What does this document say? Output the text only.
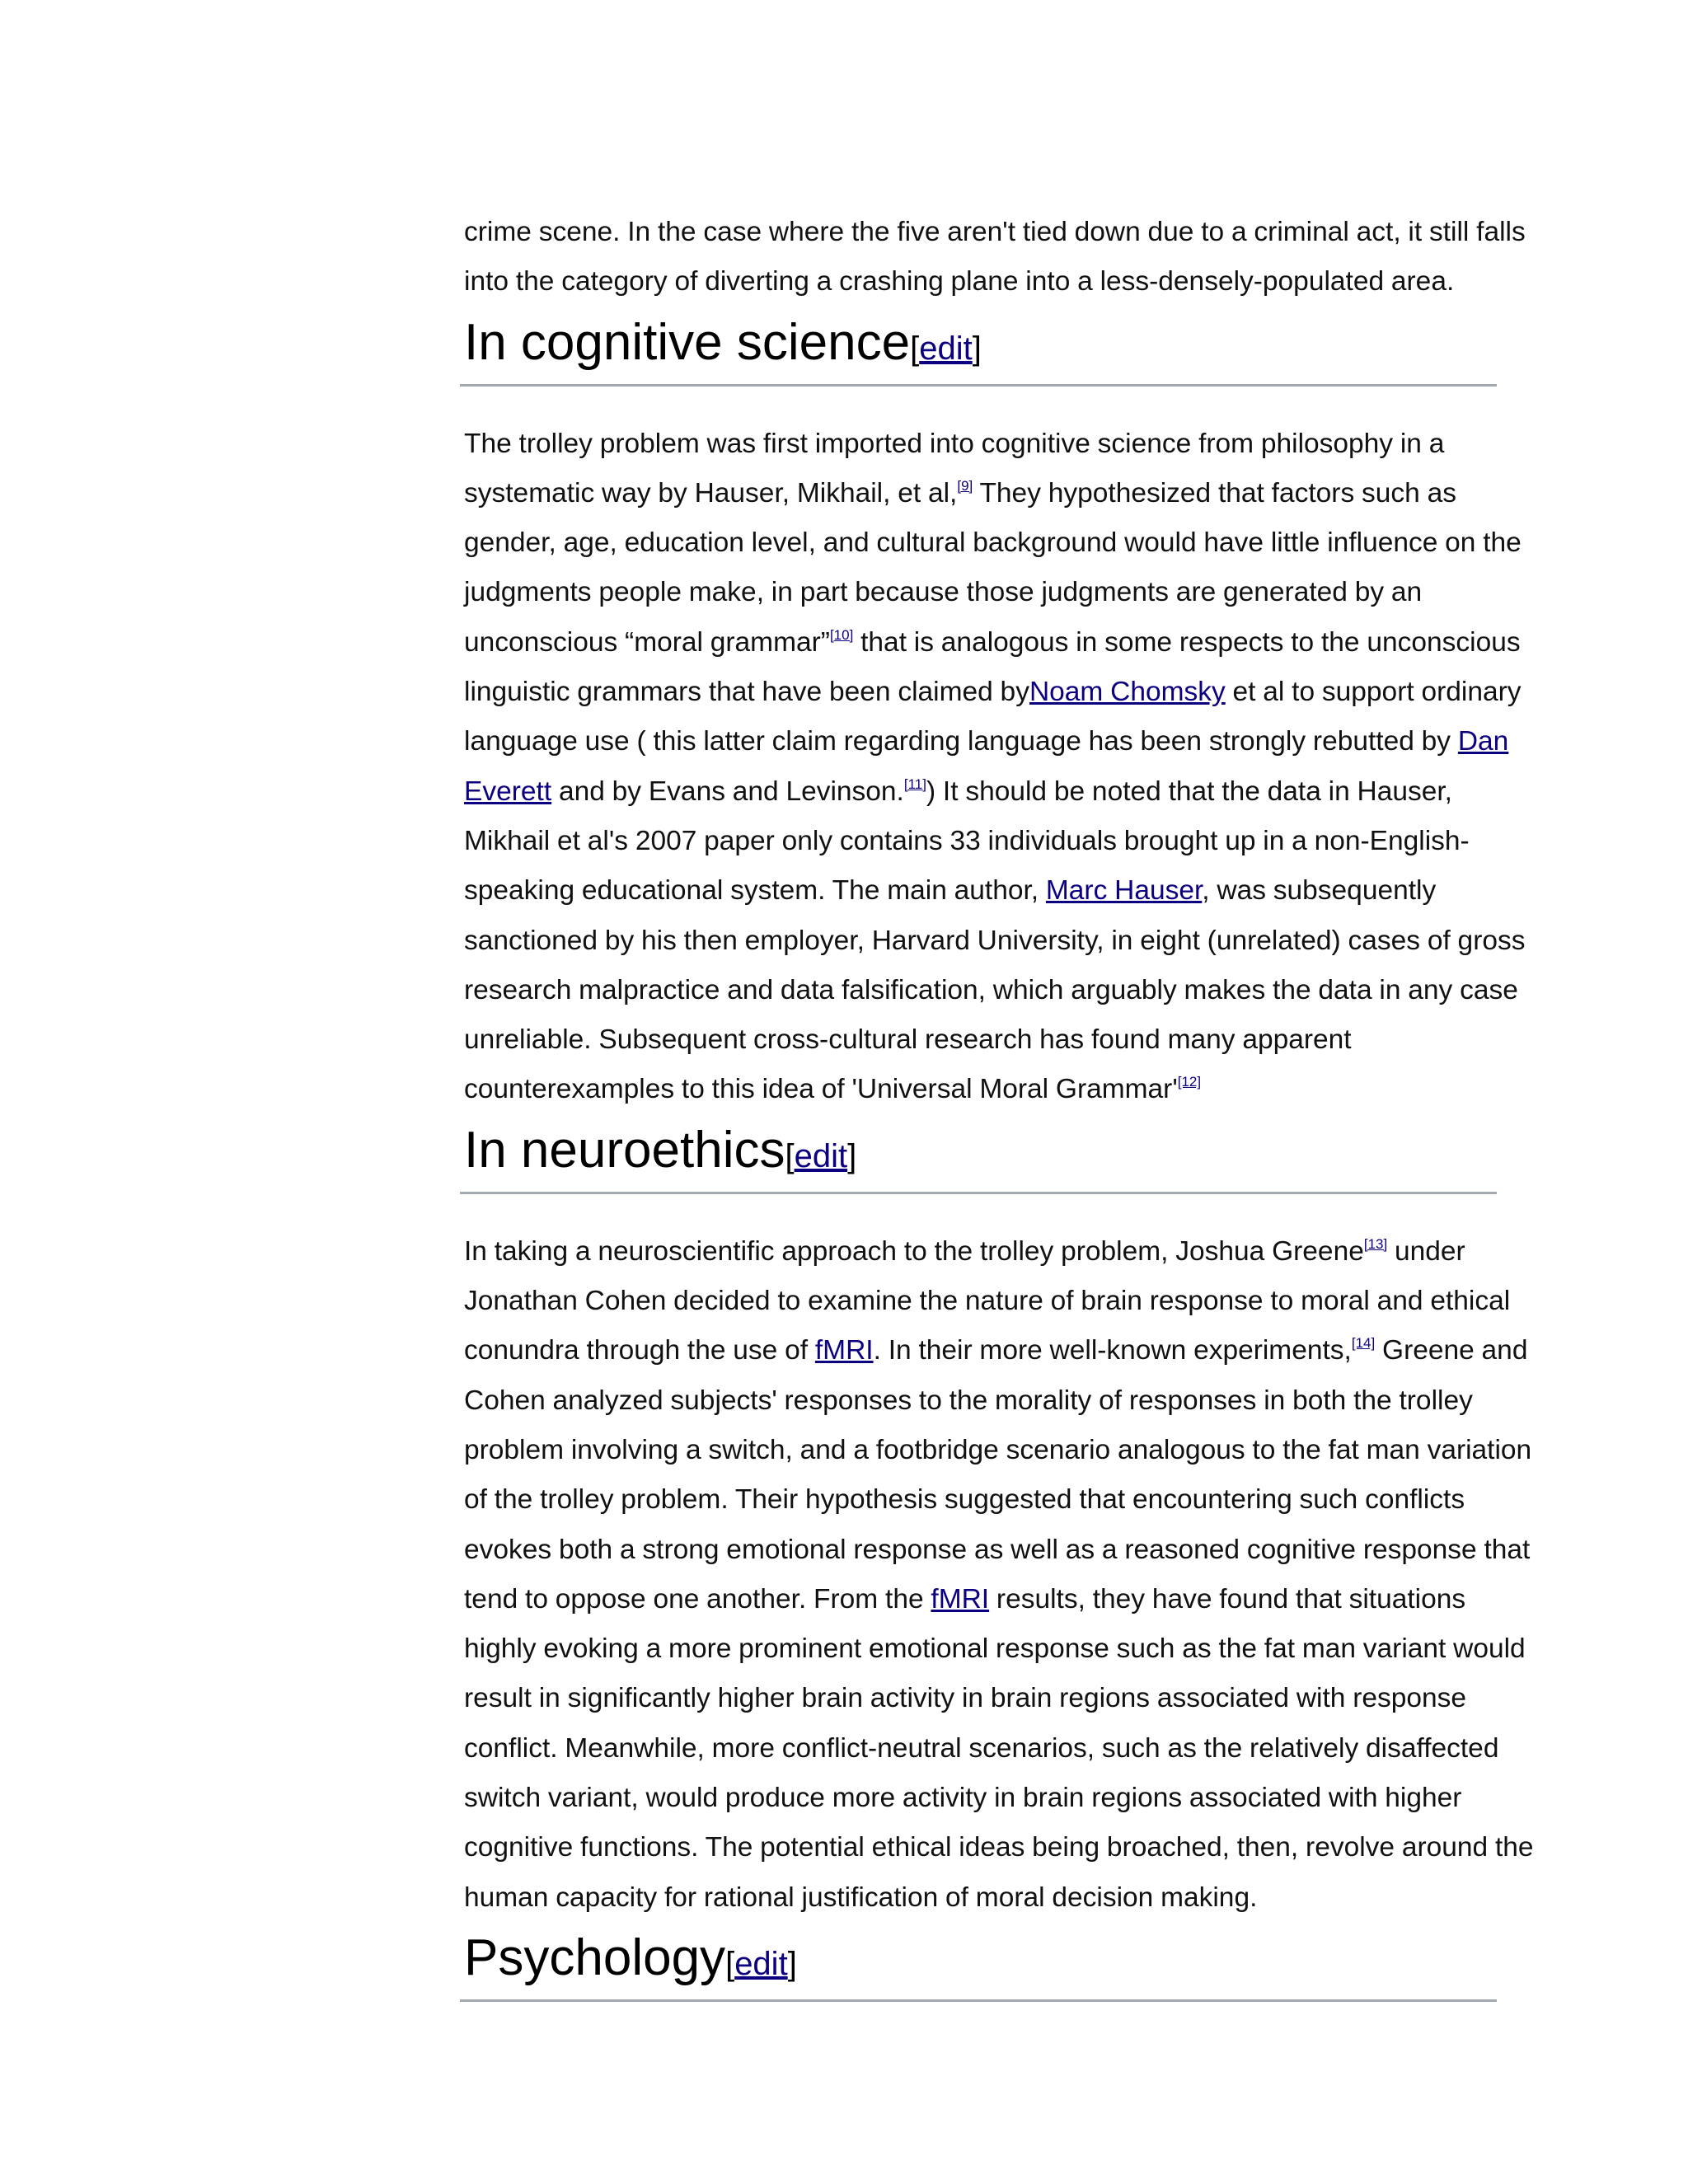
crime scene. In the case where the five aren't tied down due to a criminal act, it still falls
into the category of diverting a crashing plane into a less-densely-populated area.

In cognitive science[edit]

The trolley problem was first imported into cognitive science from philosophy in a
systematic way by Hauser, Mikhail, et al,[9] They hypothesized that factors such as
gender, age, education level, and cultural background would have little influence on the
judgments people make, in part because those judgments are generated by an
unconscious “moral grammar”[10] that is analogous in some respects to the unconscious
linguistic grammars that have been claimed byNoam Chomsky et al to support ordinary
language use ( this latter claim regarding language has been strongly rebutted by Dan
Everett and by Evans and Levinson.[11]) It should be noted that the data in Hauser,
Mikhail et al's 2007 paper only contains 33 individuals brought up in a non-English-
speaking educational system. The main author, Marc Hauser, was subsequently
sanctioned by his then employer, Harvard University, in eight (unrelated) cases of gross
research malpractice and data falsification, which arguably makes the data in any case
unreliable. Subsequent cross-cultural research has found many apparent
counterexamples to this idea of 'Universal Moral Grammar'[12]

In neuroethics[edit]

In taking a neuroscientific approach to the trolley problem, Joshua Greene[13] under
Jonathan Cohen decided to examine the nature of brain response to moral and ethical
conundra through the use of fMRI. In their more well-known experiments,[14] Greene and
Cohen analyzed subjects' responses to the morality of responses in both the trolley
problem involving a switch, and a footbridge scenario analogous to the fat man variation
of the trolley problem. Their hypothesis suggested that encountering such conflicts
evokes both a strong emotional response as well as a reasoned cognitive response that
tend to oppose one another. From the fMRI results, they have found that situations
highly evoking a more prominent emotional response such as the fat man variant would
result in significantly higher brain activity in brain regions associated with response
conflict. Meanwhile, more conflict-neutral scenarios, such as the relatively disaffected
switch variant, would produce more activity in brain regions associated with higher
cognitive functions. The potential ethical ideas being broached, then, revolve around the
human capacity for rational justification of moral decision making.

Psychology[edit]
